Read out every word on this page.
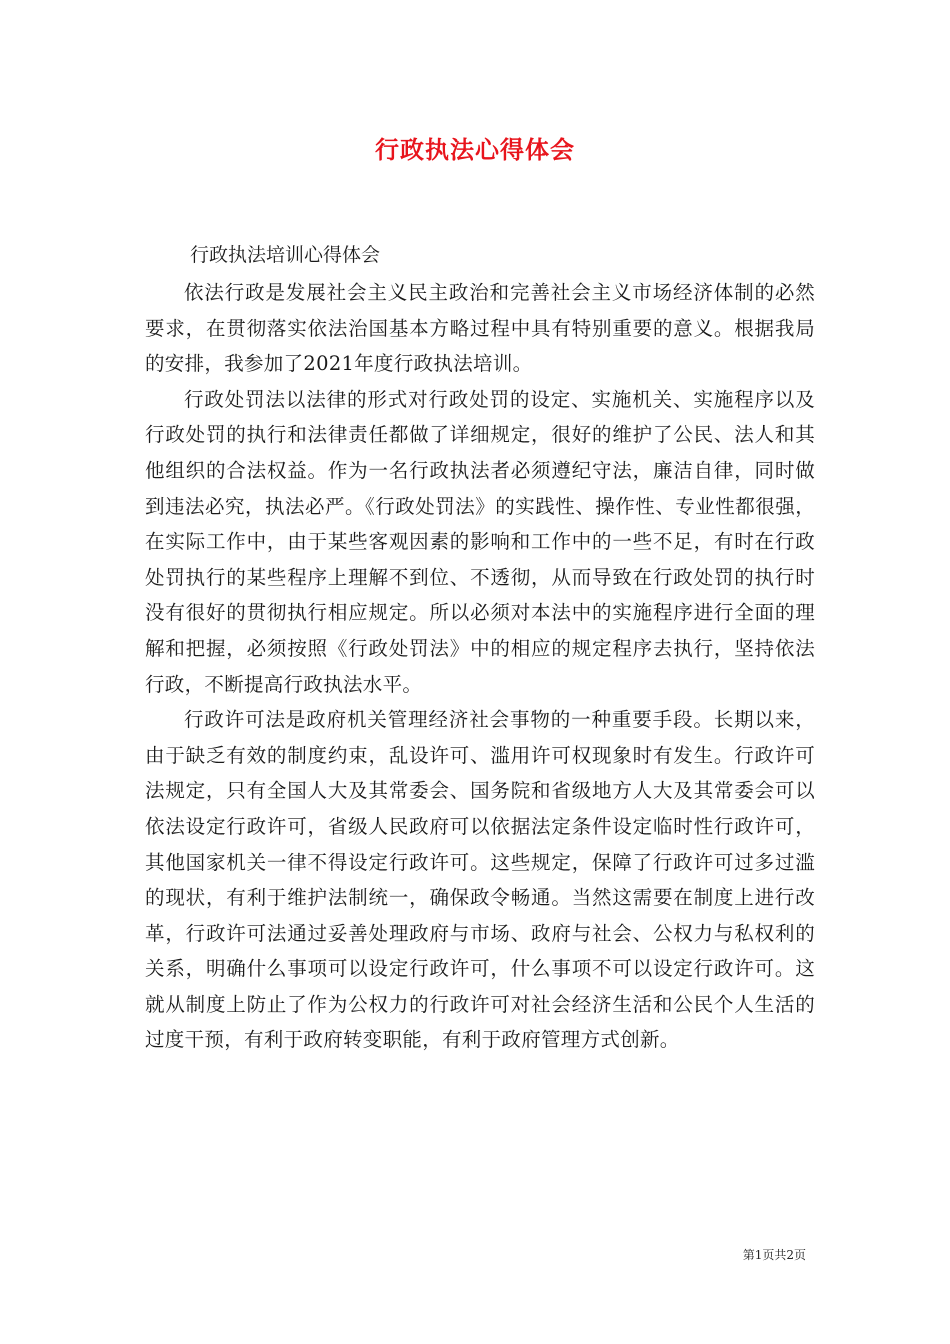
行政执法心得体会
行政执法培训心得体会

依法行政是发展社会主义民主政治和完善社会主义市场经济体制的必然要求，在贯彻落实依法治国基本方略过程中具有特别重要的意义。根据我局的安排，我参加了2021年度行政执法培训。

行政处罚法以法律的形式对行政处罚的设定、实施机关、实施程序以及行政处罚的执行和法律责任都做了详细规定，很好的维护了公民、法人和其他组织的合法权益。作为一名行政执法者必须遵纪守法，廉洁自律，同时做到违法必究，执法必严。《行政处罚法》的实践性、操作性、专业性都很强，在实际工作中，由于某些客观因素的影响和工作中的一些不足，有时在行政处罚执行的某些程序上理解不到位、不透彻，从而导致在行政处罚的执行时没有很好的贯彻执行相应规定。所以必须对本法中的实施程序进行全面的理解和把握，必须按照《行政处罚法》中的相应的规定程序去执行，坚持依法行政，不断提高行政执法水平。

行政许可法是政府机关管理经济社会事物的一种重要手段。长期以来，由于缺乏有效的制度约束，乱设许可、滥用许可权现象时有发生。行政许可法规定，只有全国人大及其常委会、国务院和省级地方人大及其常委会可以依法设定行政许可，省级人民政府可以依据法定条件设定临时性行政许可，其他国家机关一律不得设定行政许可。这些规定，保障了行政许可过多过滥的现状，有利于维护法制统一，确保政令畅通。当然这需要在制度上进行改革，行政许可法通过妥善处理政府与市场、政府与社会、公权力与私权利的关系，明确什么事项可以设定行政许可，什么事项不可以设定行政许可。这就从制度上防止了作为公权力的行政许可对社会经济生活和公民个人生活的过度干预，有利于政府转变职能，有利于政府管理方式创新。

第1页共2页
